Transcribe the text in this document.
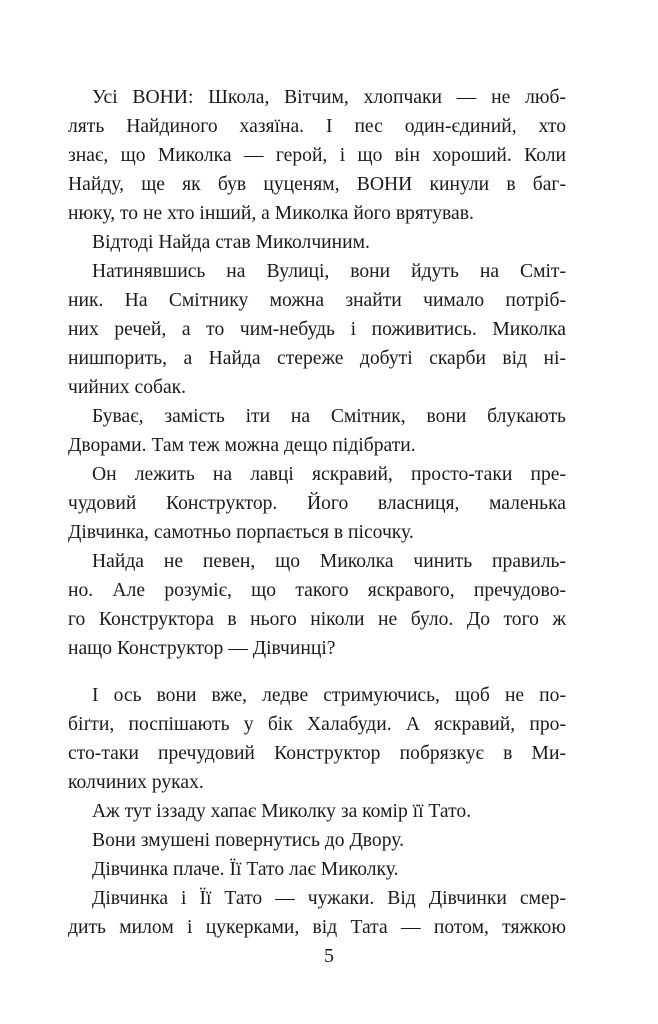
Усі ВОНИ: Школа, Вітчим, хлопчаки — не люб-
лять Найдиного хазяїна. І пес один-єдиний, хто
знає, що Миколка — герой, і що він хороший. Коли
Найду, ще як був цуценям, ВОНИ кинули в баг-
нюку, то не хто інший, а Миколка його врятував.
Відтоді Найда став Миколчиним.
Натинявшись на Вулиці, вони йдуть на Сміт-
ник. На Смітнику можна знайти чимало потріб-
них речей, а то чим-небудь і поживитись. Миколка
нишпорить, а Найда стереже добуті скарби від ні-
чийних собак.
Буває, замість іти на Смітник, вони блукають
Дворами. Там теж можна дещо підібрати.
Он лежить на лавці яскравий, просто-таки пре-
чудовий Конструктор. Його власниця, маленька
Дівчинка, самотньо порпається в пісочку.
Найда не певен, що Миколка чинить правиль-
но. Але розуміє, що такого яскравого, пречудово-
го Конструктора в нього ніколи не було. До того ж
нащо Конструктор — Дівчинці?
І ось вони вже, ледве стримуючись, щоб не по-
біґти, поспішають у бік Халабуди. А яскравий, про-
сто-таки пречудовий Конструктор побрязкує в Ми-
колчиних руках.
Аж тут іззаду хапає Миколку за комір її Тато.
Вони змушені повернутись до Двору.
Дівчинка плаче. Її Тато лає Миколку.
Дівчинка і Її Тато — чужаки. Від Дівчинки смер-
дить милом і цукерками, від Тата — потом, тяжкою
5
